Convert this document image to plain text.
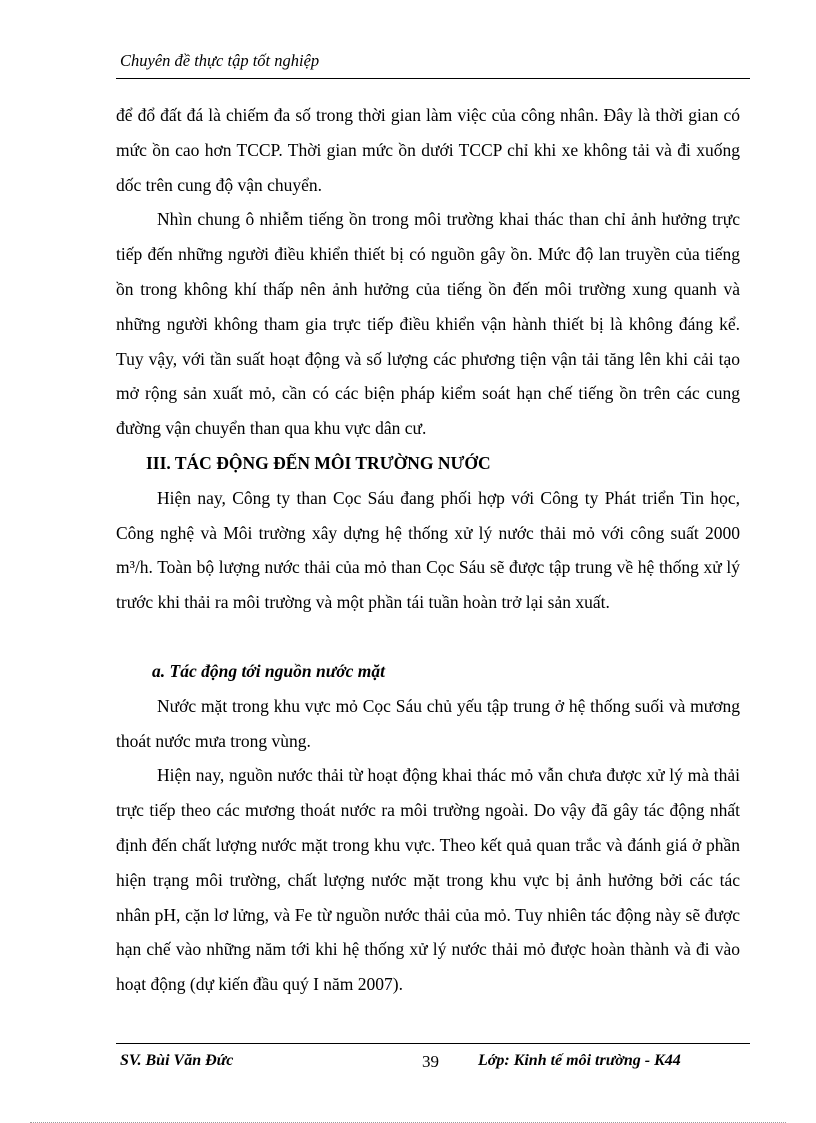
Chuyên đề thực tập tốt nghiệp

để đổ đất đá là chiếm đa số trong thời gian làm việc của công nhân. Đây là thời gian có mức ồn cao hơn TCCP. Thời gian mức ồn dưới TCCP chỉ khi xe không tải và đi xuống dốc trên cung độ vận chuyển.

Nhìn chung ô nhiễm tiếng ồn trong môi trường khai thác than chỉ ảnh hưởng trực tiếp đến những người điều khiển thiết bị có nguồn gây ồn. Mức độ lan truyền của tiếng ồn trong không khí thấp nên ảnh hưởng của tiếng ồn đến môi trường xung quanh và những người không tham gia trực tiếp điều khiển vận hành thiết bị là không đáng kể. Tuy vậy, với tần suất hoạt động và số lượng các phương tiện vận tải tăng lên khi cải tạo mở rộng sản xuất mỏ, cần có các biện pháp kiểm soát hạn chế tiếng ồn trên các cung đường vận chuyển than qua khu vực dân cư.

III. TÁC ĐỘNG ĐẾN MÔI TRƯỜNG NƯỚC

Hiện nay, Công ty than Cọc Sáu đang phối hợp với Công ty Phát triển Tin học, Công nghệ và Môi trường xây dựng hệ thống xử lý nước thải mỏ với công suất 2000 m³/h. Toàn bộ lượng nước thải của mỏ than Cọc Sáu sẽ được tập trung về hệ thống xử lý trước khi thải ra môi trường và một phần tái tuần hoàn trở lại sản xuất.

a. Tác động tới nguồn nước mặt

Nước mặt trong khu vực mỏ Cọc Sáu chủ yếu tập trung ở hệ thống suối và mương thoát nước mưa trong vùng.

Hiện nay, nguồn nước thải từ hoạt động khai thác mỏ vẫn chưa được xử lý mà thải trực tiếp theo các mương thoát nước ra môi trường ngoài. Do vậy đã gây tác động nhất định đến chất lượng nước mặt trong khu vực. Theo kết quả quan trắc và đánh giá ở phần hiện trạng môi trường, chất lượng nước mặt trong khu vực bị ảnh hưởng bởi các tác nhân pH, cặn lơ lửng, và Fe từ nguồn nước thải của mỏ. Tuy nhiên tác động này sẽ được hạn chế vào những năm tới khi hệ thống xử lý nước thải mỏ được hoàn thành và đi vào hoạt động (dự kiến đầu quý I năm 2007).

SV. Bùi Văn Đức	39 Lớp: Kinh tế môi trường - K44
